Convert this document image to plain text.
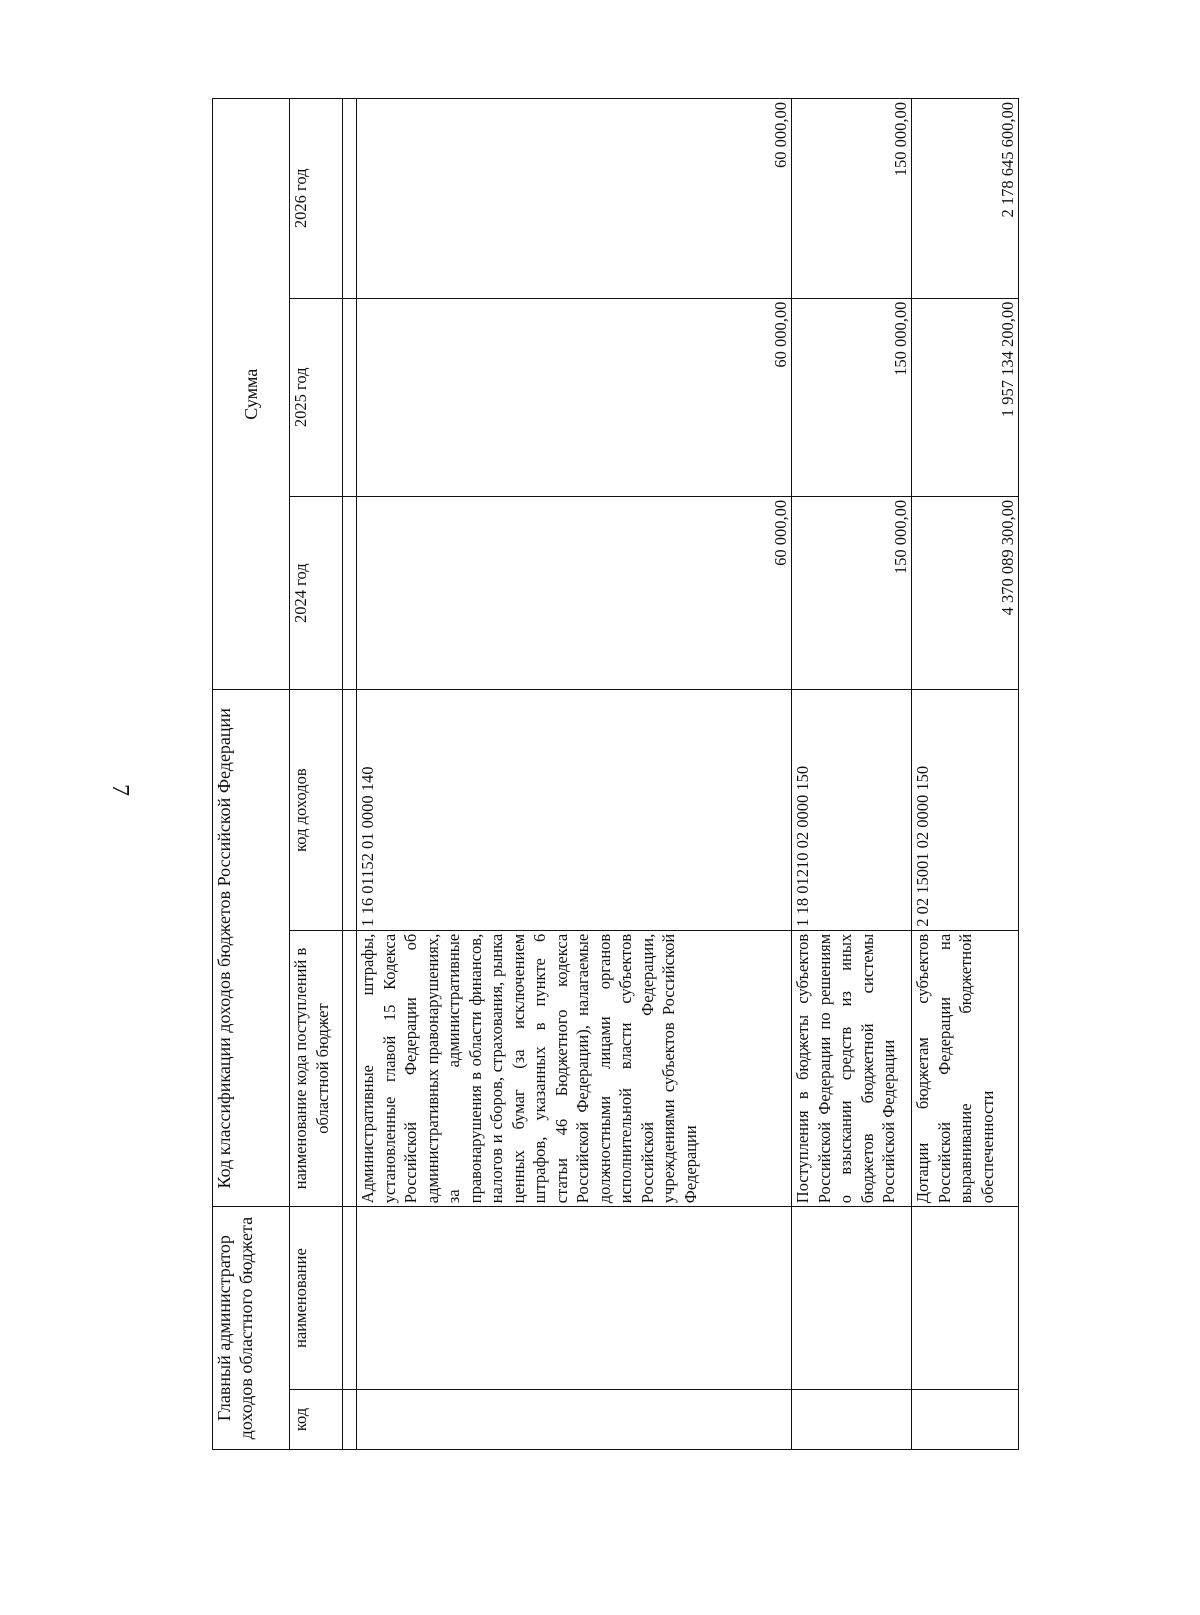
7
Главный администратор доходов областного бюджета		Код классификации доходов бюджетов Российской Федерации		Сумма		
код	наименование	наименование кода поступлений в областной бюджет	код доходов	2024 год	2025 год	2026 год

		Административные штрафы, установленные главой 15 Кодекса Российской Федерации об административных правонарушениях, за административные правонарушения в области финансов, налогов и сборов, страхования, рынка ценных бумаг (за исключением штрафов, указанных в пункте 6 статьи 46 Бюджетного кодекса Российской Федерации), налагаемые должностными лицами органов исполнительной власти субъектов Российской Федерации, учреждениями субъектов Российской Федерации	1 16 01152 01 0000 140	60 000,00	60 000,00	60 000,00
		Поступления в бюджеты субъектов Российской Федерации по решениям о взыскании средств из иных бюджетов бюджетной системы Российской Федерации	1 18 01210 02 0000 150	150 000,00	150 000,00	150 000,00
		Дотации бюджетам субъектов Российской Федерации на выравнивание бюджетной обеспеченности	2 02 15001 02 0000 150	4 370 089 300,00	1 957 134 200,00	2 178 645 600,00
